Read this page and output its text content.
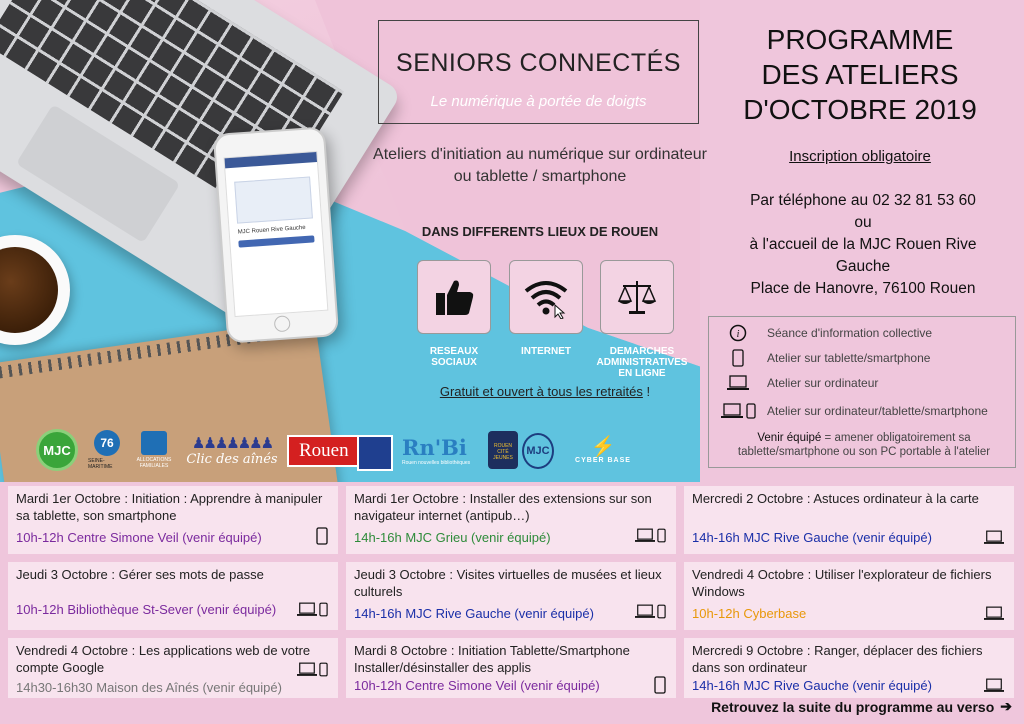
MJC Rouen Rive Gauche
SENIORS CONNECTÉS
Le numérique à portée de doigts
Ateliers d'initiation au numérique sur ordinateur ou tablette / smartphone
DANS DIFFERENTS LIEUX DE ROUEN
RESEAUX
SOCIAUX
INTERNET	DEMARCHES
ADMINISTRATIVES
EN LIGNE
Gratuit et ouvert à tous les retraités !
PROGRAMME
DES ATELIERS
D'OCTOBRE 2019
Inscription obligatoire
Par téléphone au 02 32 81 53 60
ou
à l'accueil de la MJC Rouen Rive
Gauche
Place de Hanovre, 76100 Rouen
i Séance d'information collective
Atelier sur tablette/smartphone
Atelier sur ordinateur
Atelier sur ordinateur/tablette/smartphone
Venir équipé = amener obligatoirement sa tablette/smartphone ou son PC portable à l'atelier
MJC	76
SEINE-MARITIME
ALLOCATIONS FAMILIALES
♟♟♟♟♟♟♟
Clic des aînés	Rouen	Rn'Bi
Rouen nouvelles bibliothèques
ROUEN CITÉ JEUNES
MJC ⚡
CYBER BASE
Mardi 1er Octobre : Initiation : Apprendre à manipuler sa tablette, son smartphone
10h-12h Centre Simone Veil (venir équipé)
Mardi 1er Octobre : Installer des extensions sur son navigateur internet (antipub…)
14h-16h MJC Grieu (venir équipé)
Mercredi 2 Octobre : Astuces ordinateur à la carte
14h-16h MJC Rive Gauche (venir équipé)
Jeudi 3 Octobre : Gérer ses mots de passe
10h-12h Bibliothèque St-Sever (venir équipé)
Jeudi 3 Octobre : Visites virtuelles de musées et lieux culturels
14h-16h MJC Rive Gauche (venir équipé)
Vendredi 4 Octobre : Utiliser l'explorateur de fichiers Windows
10h-12h Cyberbase
Vendredi 4 Octobre : Les applications web de votre compte Google
14h30-16h30 Maison des Aînés (venir équipé)
Mardi 8 Octobre : Initiation Tablette/Smartphone Installer/désinstaller des applis
10h-12h Centre Simone Veil (venir équipé)
Mercredi 9 Octobre : Ranger, déplacer des fichiers dans son ordinateur
14h-16h MJC Rive Gauche (venir équipé)
Retrouvez la suite du programme au verso ➔
